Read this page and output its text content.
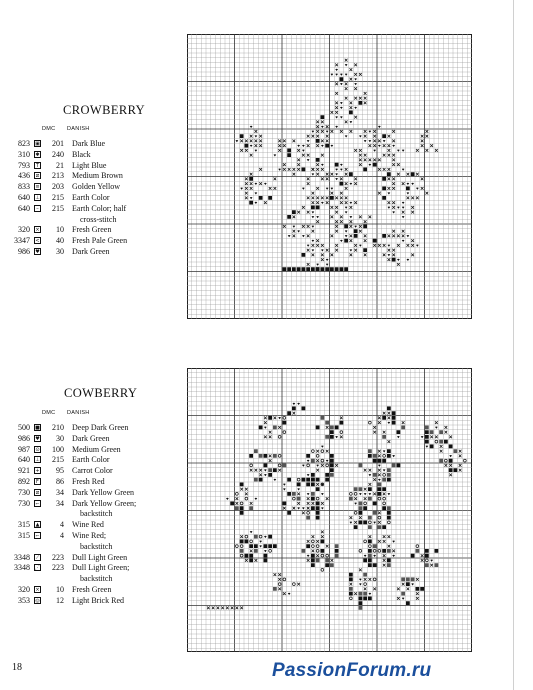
CROWBERRY
DMC DANISH
823 ▣	201 Dark Blue
310 ✱	240 Black
793	T	21 Light Blue
436	⧄	213 Medium Brown
833 ≡	203 Golden Yellow
640 ⊥	215 Earth Color
640	–	215 Earth Color; half
cross-stitch
320 ×	10 Fresh Green
3347 <	40 Fresh Pale Green
986 ♥	30 Dark Green
COWBERRY
DMC DANISH
500 ■	210 Deep Dark Green
986 ♥	30 Dark Green
987 ⊙	100 Medium Green
640 ⊥	215 Earth Color
921 +	95 Carrot Color
892	F	86 Fresh Red
730	⧄	34 Dark Yellow Green
730 ⌐	34 Dark Yellow Green;
backstitch
315	▲	4 Wine Red
315 ⌐	4 Wine Red;
backstitch
3348	⟋	223 Dull Light Green
3348 ⋰	223 Dull Light Green;
backstitch
320 ×	10 Fresh Green
353 ◎	12 Light Brick Red
18	PassionForum.ru
